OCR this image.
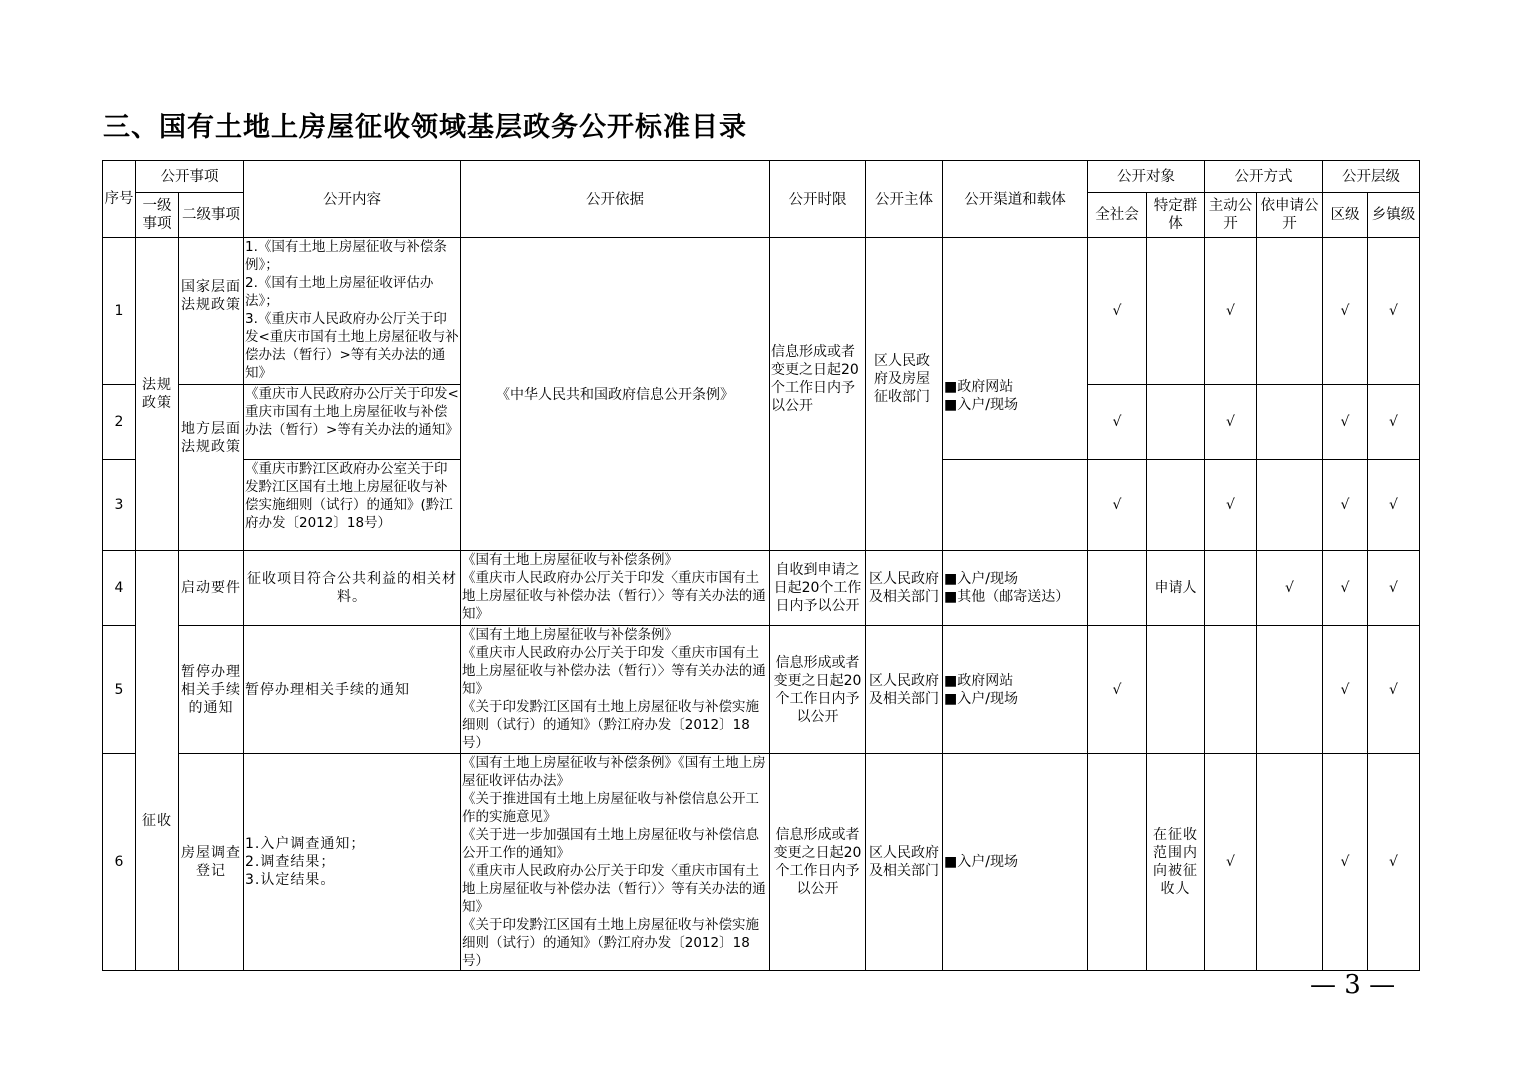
三、国有土地上房屋征收领域基层政务公开标准目录
序号	公开事项		公开内容	公开依据	公开时限	公开主体	公开渠道和载体	公开对象		公开方式		公开层级	
	一级事项	二级事项						全社会	特定群体	主动公开	依申请公开	区级	乡镇级
1	法规政策	国家层面法规政策	1.《国有土地上房屋征收与补偿条例》；
2.《国有土地上房屋征收评估办法》；
3.《重庆市人民政府办公厅关于印发<重庆市国有土地上房屋征收与补偿办法（暂行）>等有关办法的通知》	《中华人民共和国政府信息公开条例》	信息形成或者变更之日起20个工作日内予以公开	区人民政府及房屋征收部门	■政府网站
■入户/现场	√		√		√	√
2		地方层面法规政策	《重庆市人民政府办公厅关于印发<重庆市国有土地上房屋征收与补偿办法（暂行）>等有关办法的通知》					√		√		√	√
3			《重庆市黔江区政府办公室关于印发黔江区国有土地上房屋征收与补偿实施细则（试行）的通知》(黔江府办发〔2012〕18号）					√		√		√	√
4	征收	启动要件	征收项目符合公共利益的相关材料。	《国有土地上房屋征收与补偿条例》
《重庆市人民政府办公厅关于印发〈重庆市国有土地上房屋征收与补偿办法（暂行）〉等有关办法的通知》	自收到申请之日起20个工作日内予以公开	区人民政府及相关部门	■入户/现场
■其他（邮寄送达）		申请人		√	√	√
5		暂停办理相关手续的通知	暂停办理相关手续的通知	《国有土地上房屋征收与补偿条例》
《重庆市人民政府办公厅关于印发〈重庆市国有土地上房屋征收与补偿办法（暂行）〉等有关办法的通知》
《关于印发黔江区国有土地上房屋征收与补偿实施细则（试行）的通知》（黔江府办发〔2012〕18号）	信息形成或者变更之日起20个工作日内予以公开	区人民政府及相关部门	■政府网站
■入户/现场	√				√	√
6		房屋调查登记	1.入户调查通知；
2.调查结果；
3.认定结果。	《国有土地上房屋征收与补偿条例》《国有土地上房屋征收评估办法》
《关于推进国有土地上房屋征收与补偿信息公开工作的实施意见》
《关于进一步加强国有土地上房屋征收与补偿信息公开工作的通知》
《重庆市人民政府办公厅关于印发〈重庆市国有土地上房屋征收与补偿办法（暂行）〉等有关办法的通知》
《关于印发黔江区国有土地上房屋征收与补偿实施细则（试行）的通知》（黔江府办发〔2012〕18号）	信息形成或者变更之日起20个工作日内予以公开	区人民政府及相关部门	■入户/现场		在征收范围内向被征收人	√		√	√

— 3 —
